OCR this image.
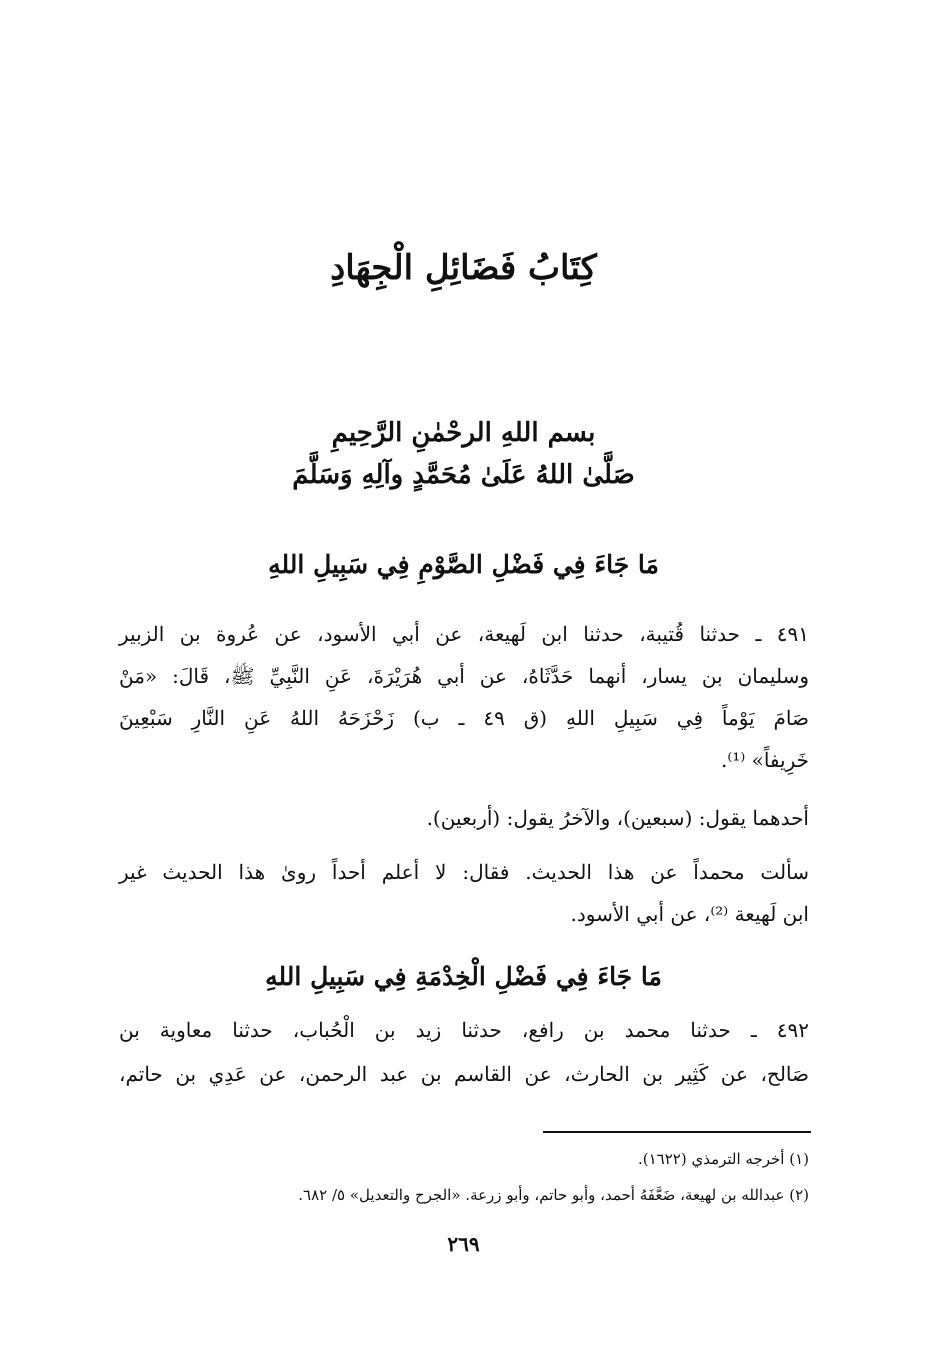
كِتَابُ فَضَائِلِ الْجِهَادِ
بسم اللهِ الرحْمٰنِ الرَّحِيمِ
صَلَّىٰ اللهُ عَلَىٰ مُحَمَّدٍ وآلِهِ وَسَلَّمَ
مَا جَاءَ فِي فَضْلِ الصَّوْمِ فِي سَبِيلِ اللهِ
٤٩١ ـ حدثنا قُتيبة، حدثنا ابن لَهيعة، عن أبي الأسود، عن عُروة بن الزبير
وسليمان بن يسار، أنهما حَدَّثَاهُ، عن أبي هُرَيْرَةَ، عَنِ النَّبِيِّ ﷺ، قَالَ: «مَنْ
صَامَ يَوْماً فِي سَبِيلِ اللهِ (ق ٤٩ ـ ب) زَحْزَحَهُ اللهُ عَنِ النَّارِ سَبْعِينَ
خَرِيفاً» ⁽¹⁾.
أحدهما يقول: (سبعين)، والآخرُ يقول: (أربعين).
سألت محمداً عن هذا الحديث. فقال: لا أعلم أحداً روىٰ هذا الحديث غير
ابن لَهيعة ⁽²⁾، عن أبي الأسود.
مَا جَاءَ فِي فَضْلِ الْخِدْمَةِ فِي سَبِيلِ اللهِ
٤٩٢ ـ حدثنا محمد بن رافع، حدثنا زيد بن الْحُباب، حدثنا معاوية بن
صَالح، عن كَثِير بن الحارث، عن القاسم بن عبد الرحمن، عن عَدِي بن حاتم،
(١) أخرجه الترمذي (١٦٢٢).
(٢) عبدالله بن لهيعة، ضَعَّفَهُ أحمد، وأبو حاتم، وأبو زرعة. «الجرح والتعديل» ٥/ ٦٨٢.
٢٦٩
